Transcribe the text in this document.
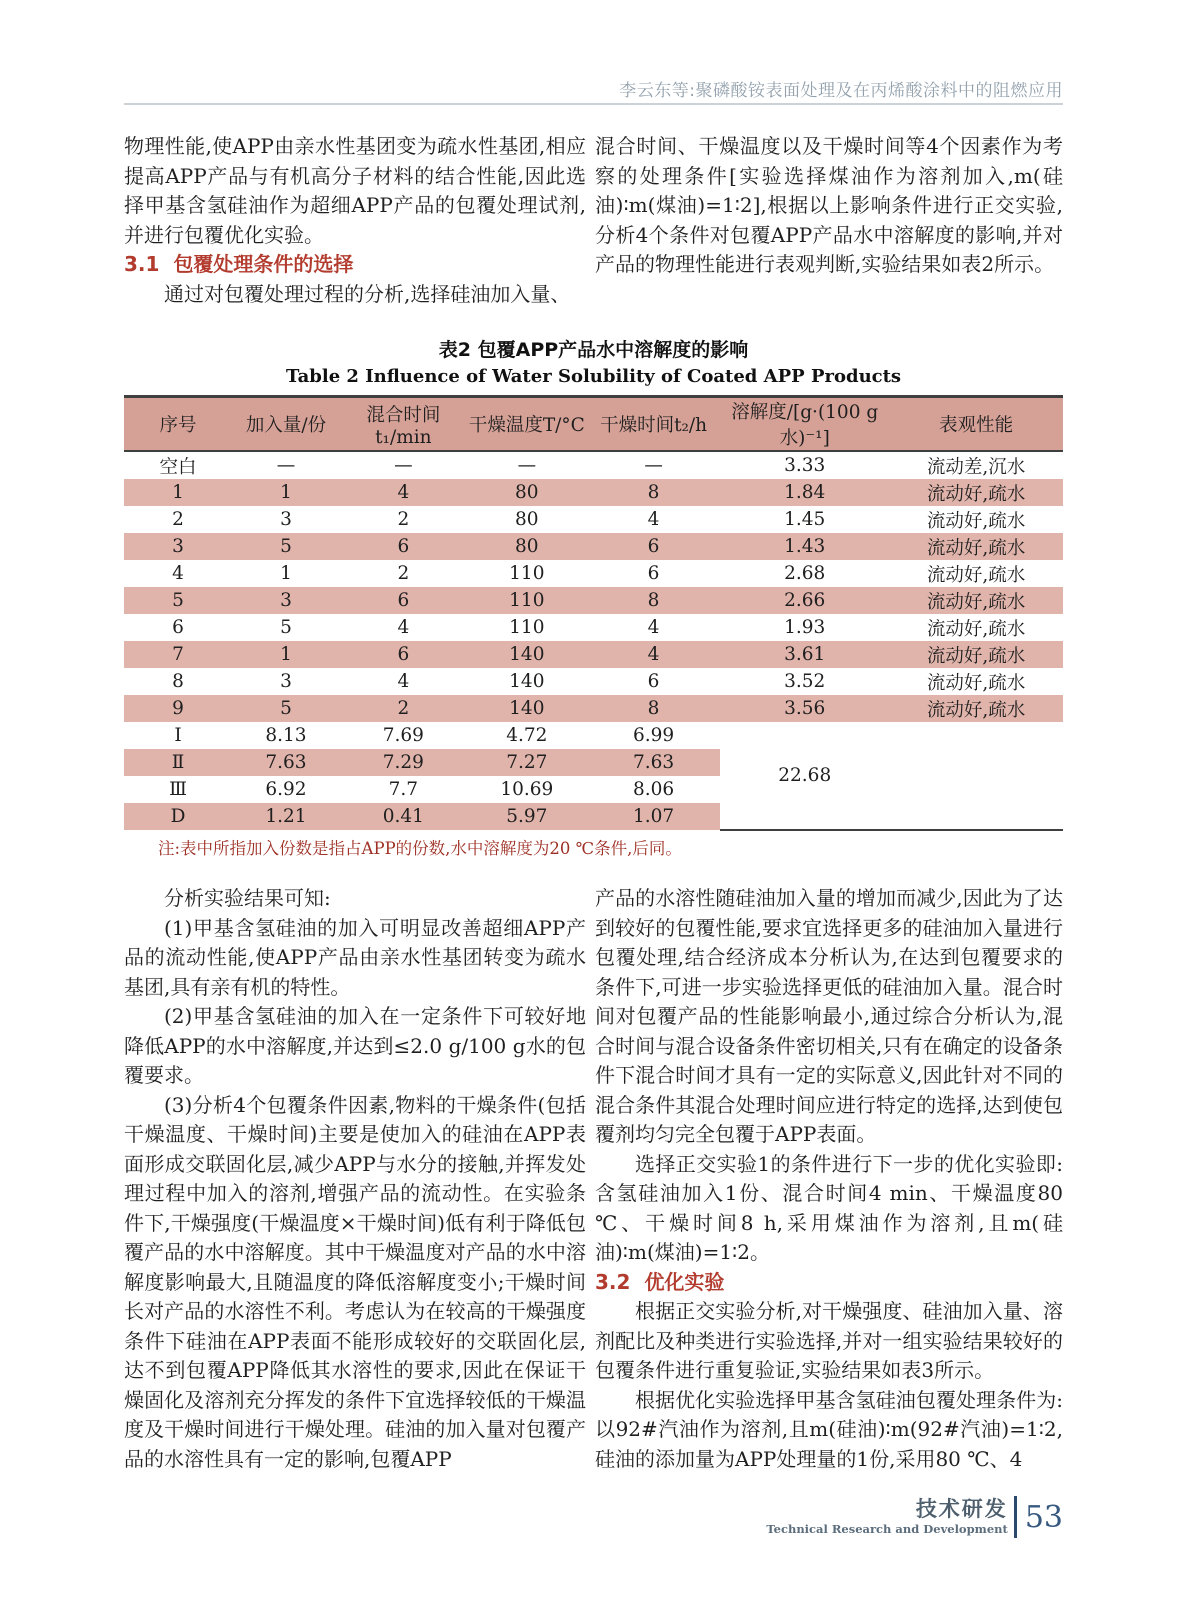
李云东等:聚磷酸铵表面处理及在丙烯酸涂料中的阻燃应用

物理性能,使APP由亲水性基团变为疏水性基团,相应提高APP产品与有机高分子材料的结合性能,因此选择甲基含氢硅油作为超细APP产品的包覆处理试剂,并进行包覆优化实验。

3.1 包覆处理条件的选择

通过对包覆处理过程的分析,选择硅油加入量、

混合时间、干燥温度以及干燥时间等4个因素作为考察的处理条件[实验选择煤油作为溶剂加入,m(硅油)∶m(煤油)=1∶2],根据以上影响条件进行正交实验,分析4个条件对包覆APP产品水中溶解度的影响,并对产品的物理性能进行表观判断,实验结果如表2所示。

表2 包覆APP产品水中溶解度的影响
Table 2 Influence of Water Solubility of Coated APP Products
序号	加入量/份	混合时间t₁/min	干燥温度T/°C	干燥时间t₂/h	溶解度/[g·(100 g水)⁻¹]	表观性能
空白	—	—	—	—	3.33	流动差,沉水
1	1	4	80	8	1.84	流动好,疏水
2	3	2	80	4	1.45	流动好,疏水
3	5	6	80	6	1.43	流动好,疏水
4	1	2	110	6	2.68	流动好,疏水
5	3	6	110	8	2.66	流动好,疏水
6	5	4	110	4	1.93	流动好,疏水
7	1	6	140	4	3.61	流动好,疏水
8	3	4	140	6	3.52	流动好,疏水
9	5	2	140	8	3.56	流动好,疏水
Ⅰ	8.13	7.69	4.72	6.99	22.68	
Ⅱ	7.63	7.29	7.27	7.63		
Ⅲ	6.92	7.7	10.69	8.06		
D	1.21	0.41	5.97	1.07		
注:表中所指加入份数是指占APP的份数,水中溶解度为20 ℃条件,后同。

分析实验结果可知:

(1)甲基含氢硅油的加入可明显改善超细APP产品的流动性能,使APP产品由亲水性基团转变为疏水基团,具有亲有机的特性。

(2)甲基含氢硅油的加入在一定条件下可较好地降低APP的水中溶解度,并达到≤2.0 g/100 g水的包覆要求。

(3)分析4个包覆条件因素,物料的干燥条件(包括干燥温度、干燥时间)主要是使加入的硅油在APP表面形成交联固化层,减少APP与水分的接触,并挥发处理过程中加入的溶剂,增强产品的流动性。在实验条件下,干燥强度(干燥温度×干燥时间)低有利于降低包覆产品的水中溶解度。其中干燥温度对产品的水中溶解度影响最大,且随温度的降低溶解度变小;干燥时间长对产品的水溶性不利。考虑认为在较高的干燥强度条件下硅油在APP表面不能形成较好的交联固化层,达不到包覆APP降低其水溶性的要求,因此在保证干燥固化及溶剂充分挥发的条件下宜选择较低的干燥温度及干燥时间进行干燥处理。硅油的加入量对包覆产品的水溶性具有一定的影响,包覆APP

产品的水溶性随硅油加入量的增加而减少,因此为了达到较好的包覆性能,要求宜选择更多的硅油加入量进行包覆处理,结合经济成本分析认为,在达到包覆要求的条件下,可进一步实验选择更低的硅油加入量。混合时间对包覆产品的性能影响最小,通过综合分析认为,混合时间与混合设备条件密切相关,只有在确定的设备条件下混合时间才具有一定的实际意义,因此针对不同的混合条件其混合处理时间应进行特定的选择,达到使包覆剂均匀完全包覆于APP表面。

选择正交实验1的条件进行下一步的优化实验即:含氢硅油加入1份、混合时间4 min、干燥温度80 ℃、干燥时间8 h,采用煤油作为溶剂,且m(硅油)∶m(煤油)=1∶2。

3.2 优化实验

根据正交实验分析,对干燥强度、硅油加入量、溶剂配比及种类进行实验选择,并对一组实验结果较好的包覆条件进行重复验证,实验结果如表3所示。

根据优化实验选择甲基含氢硅油包覆处理条件为:以92#汽油作为溶剂,且m(硅油)∶m(92#汽油)=1∶2,硅油的添加量为APP处理量的1份,采用80 ℃、4

技术研发
Technical Research and Development 53
